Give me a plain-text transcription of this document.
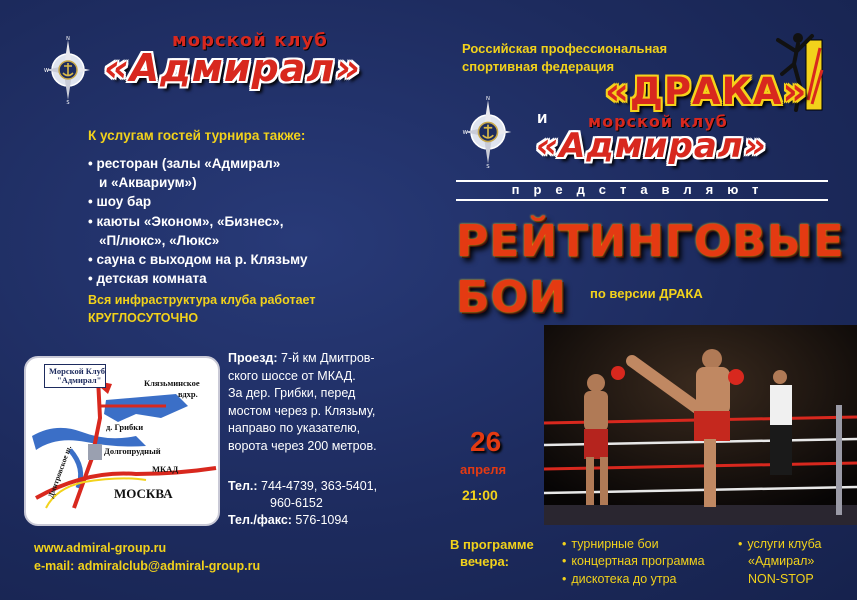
N
S
W
морской клуб
«Адмирал»
К услугам гостей турнира также:
• ресторан (залы «Адмирал»
и «Аквариум»)
• шоу бар
• каюты «Эконом», «Бизнес»,
«П/люкс», «Люкс»
• сауна с выходом на р. Клязьму
• детская комната
Вся инфраструктура клуба работает
КРУГЛОСУТОЧНО
Морской Клуб
"Адмирал"	Клязьминское
вдхр.
д. Грибки
Долгопрудный
МКАД
МОСКВА
Дмитровское ш.
Проезд: 7-й км Дмитров-
ского шоссе от МКАД.
За дер. Грибки, перед
мостом через р. Клязьму,
направо по указателю,
ворота через 200 метров.
Тел.: 744-4739, 363-5401,
960-6152
Тел./факс: 576-1094
www.admiral-group.ru
e-mail: admiralclub@admiral-group.ru
Российская профессиональная
спортивная федерация
«ДРАКА»
N
S
W
и	морской клуб
«Адмирал»
представляют
РЕЙТИНГОВЫЕ
БОИ по версии ДРАКА
26
апреля
21:00
В программе
вечера:
• турнирные бои
• концертная программа
• дискотека до утра
• услуги клуба
«Адмирал»
NON-STOP
